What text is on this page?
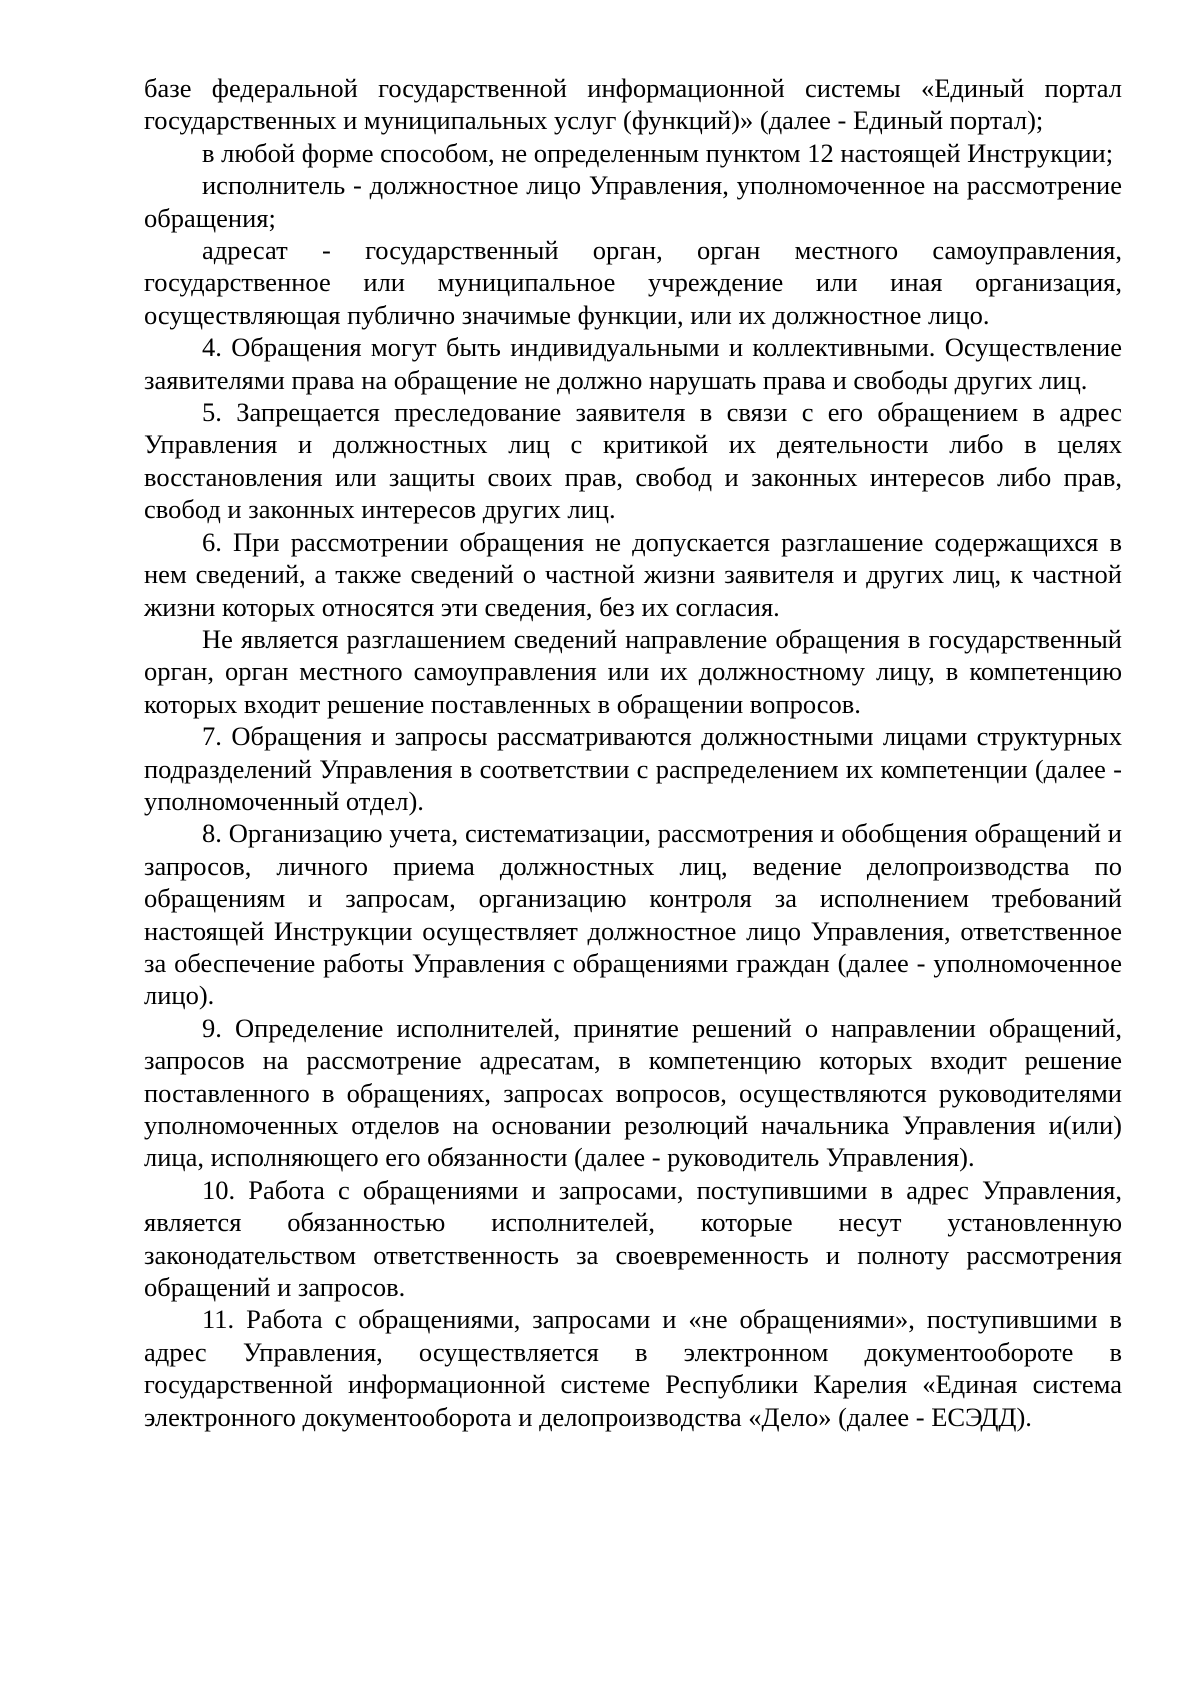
базе федеральной государственной информационной системы «Единый портал государственных и муниципальных услуг (функций)» (далее - Единый портал);

в любой форме способом, не определенным пунктом 12 настоящей Инструкции;

исполнитель - должностное лицо Управления, уполномоченное на рассмотрение обращения;

адресат - государственный орган, орган местного самоуправления, государственное или муниципальное учреждение или иная организация, осуществляющая публично значимые функции, или их должностное лицо.

4. Обращения могут быть индивидуальными и коллективными. Осуществление заявителями права на обращение не должно нарушать права и свободы других лиц.

5. Запрещается преследование заявителя в связи с его обращением в адрес Управления и должностных лиц с критикой их деятельности либо в целях восстановления или защиты своих прав, свобод и законных интересов либо прав, свобод и законных интересов других лиц.

6. При рассмотрении обращения не допускается разглашение содержащихся в нем сведений, а также сведений о частной жизни заявителя и других лиц, к частной жизни которых относятся эти сведения, без их согласия.

Не является разглашением сведений направление обращения в государственный орган, орган местного самоуправления или их должностному лицу, в компетенцию которых входит решение поставленных в обращении вопросов.

7. Обращения и запросы рассматриваются должностными лицами структурных подразделений Управления в соответствии с распределением их компетенции (далее - уполномоченный отдел).

8. Организацию учета, систематизации, рассмотрения и обобщения обращений и запросов, личного приема должностных лиц, ведение делопроизводства по обращениям и запросам, организацию контроля за исполнением требований настоящей Инструкции осуществляет должностное лицо Управления, ответственное за обеспечение работы Управления с обращениями граждан (далее - уполномоченное лицо).

9. Определение исполнителей, принятие решений о направлении обращений, запросов на рассмотрение адресатам, в компетенцию которых входит решение поставленного в обращениях, запросах вопросов, осуществляются руководителями уполномоченных отделов на основании резолюций начальника Управления и(или) лица, исполняющего его обязанности (далее - руководитель Управления).

10. Работа с обращениями и запросами, поступившими в адрес Управления, является обязанностью исполнителей, которые несут установленную законодательством ответственность за своевременность и полноту рассмотрения обращений и запросов.

11. Работа с обращениями, запросами и «не обращениями», поступившими в адрес Управления, осуществляется в электронном документообороте в государственной информационной системе Республики Карелия «Единая система электронного документооборота и делопроизводства «Дело» (далее - ЕСЭДД).
